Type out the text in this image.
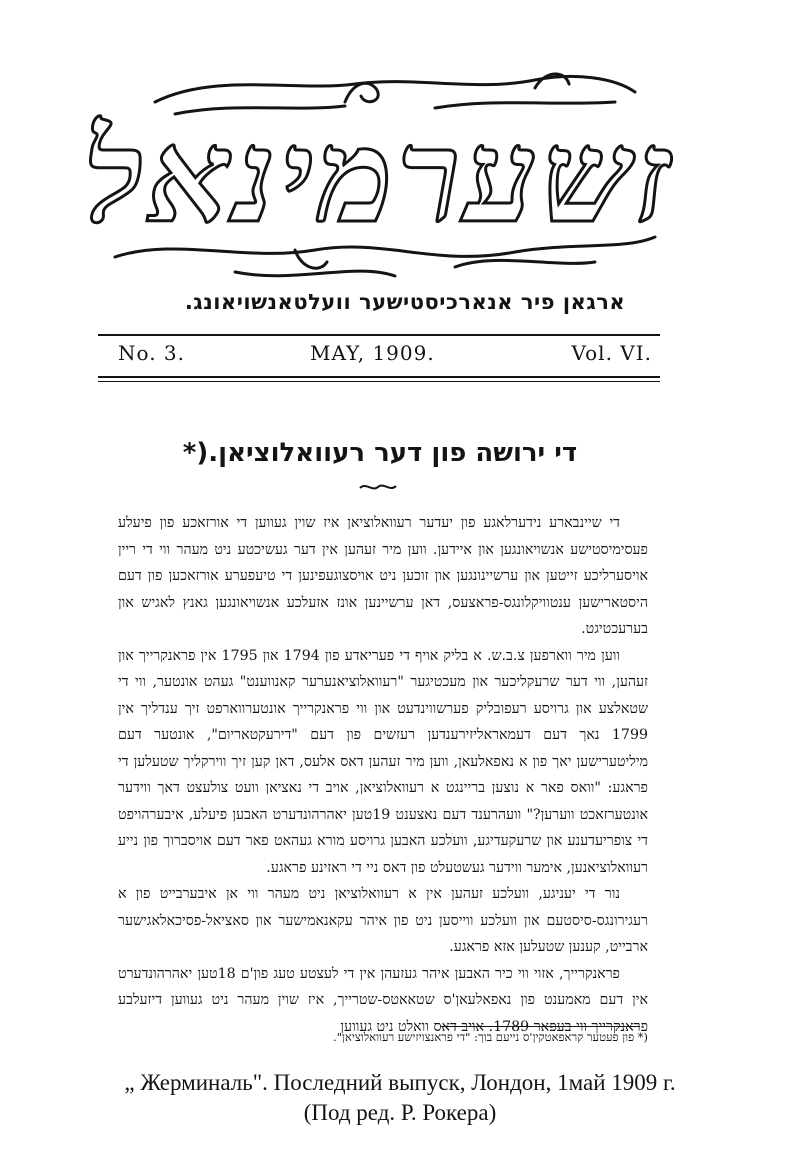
זשערמינאל
ארגאן פיר אנארכיסטישער וועלטאנשויאונג.
No. 3.	MAY, 1909.	Vol. VI.
די ירושה פון דער רעוואלוציאן.(*

די שיינבארע נידערלאגע פון יעדער רעוואלוציאן איז שוין געווען די אורזאכע פון פיעלע פעסימיסטישע אנשויאונגען און איידען. ווען מיר זעהען אין דער געשיכטע ניט מעהר ווי די ריין אויסערליכע זייטען און ערשיינונגען און זוכען ניט אויסצוגעפינען די טיעפערע אורזאכען פון דעם היסטארישען ענטוויקלונגס-פראצעס, דאן ערשיינען אונז אזעלכע אנשויאונגען גאנץ לאגיש און בערעכטיגט.

ווען מיר ווארפען צ.ב.ש. א בליק אויף די פעריאדע פון 1794 און 1795 אין פראנקרייך און זעהען, ווי דער שרעקליכער און מעכטיגער "רעוואלוציאנערער קאנווענט" געהט אונטער, ווי די שטאלצע און גרויסע רעפובליק פערשווינדעט און ווי פראנקרייך אונטערווארפט זיך ענדליך אין 1799 נאך דעם דעמאראליזירענדען רעזשים פון דעם "דירעקטאריום", אונטער דעם מיליטערישען יאך פון א נאפאלעאן, ווען מיר זעהען דאס אלעס, דאן קען זיך ווירקליך שטעלען די פראגע: "וואס פאר א נוצען בריינגט א רעוואלוציאן, אויב די נאציאן וועט צולעצט דאך ווידער אונטערזאכט ווערען?" וועהרענד דעם נאצענט 19טען יאהרהונדערט האבען פיעלע, איבערהויפט די צופריעדענע און שרעקעדיגע, וועלכע האבען גרויסע מורא געהאט פאר דעם אויסברוך פון נייע רעוואלוציאנען, אימער ווידער געשטעלט פון דאס ניי די ראזינע פראגע.

נור די יעניגע, וועלכע זעהען אין א רעוואלוציאן ניט מעהר ווי אן איבערבייט פון א רעגירונגס-סיסטעם און וועלכע ווייסען ניט פון איהר עקאנאמישער און סאציאל-פסיכאלאגישער ארבייט, קענען שטעלען אזא פראגע.

פראנקרייך, אזוי ווי כיר האבען איהר געזעהן אין די לעצטע טעג פון'ם 18טען יאהרהונדערט אין דעם מאמענט פון נאפאלעאן'ס שטאאטס-שטרייך, איז שוין מעהר ניט געווען דיזעלבע פראנקרייך ווי בעפאר 1789. אויב דאס וואלט ניט געווען

(* פון פעטער קראפאטקין'ס נייעם בוך: "די פראנצויזישע רעוואלוציאן".
„ Жерминаль". Последний выпуск, Лондон, 1май 1909 г.
(Под ред. Р. Рокера)
